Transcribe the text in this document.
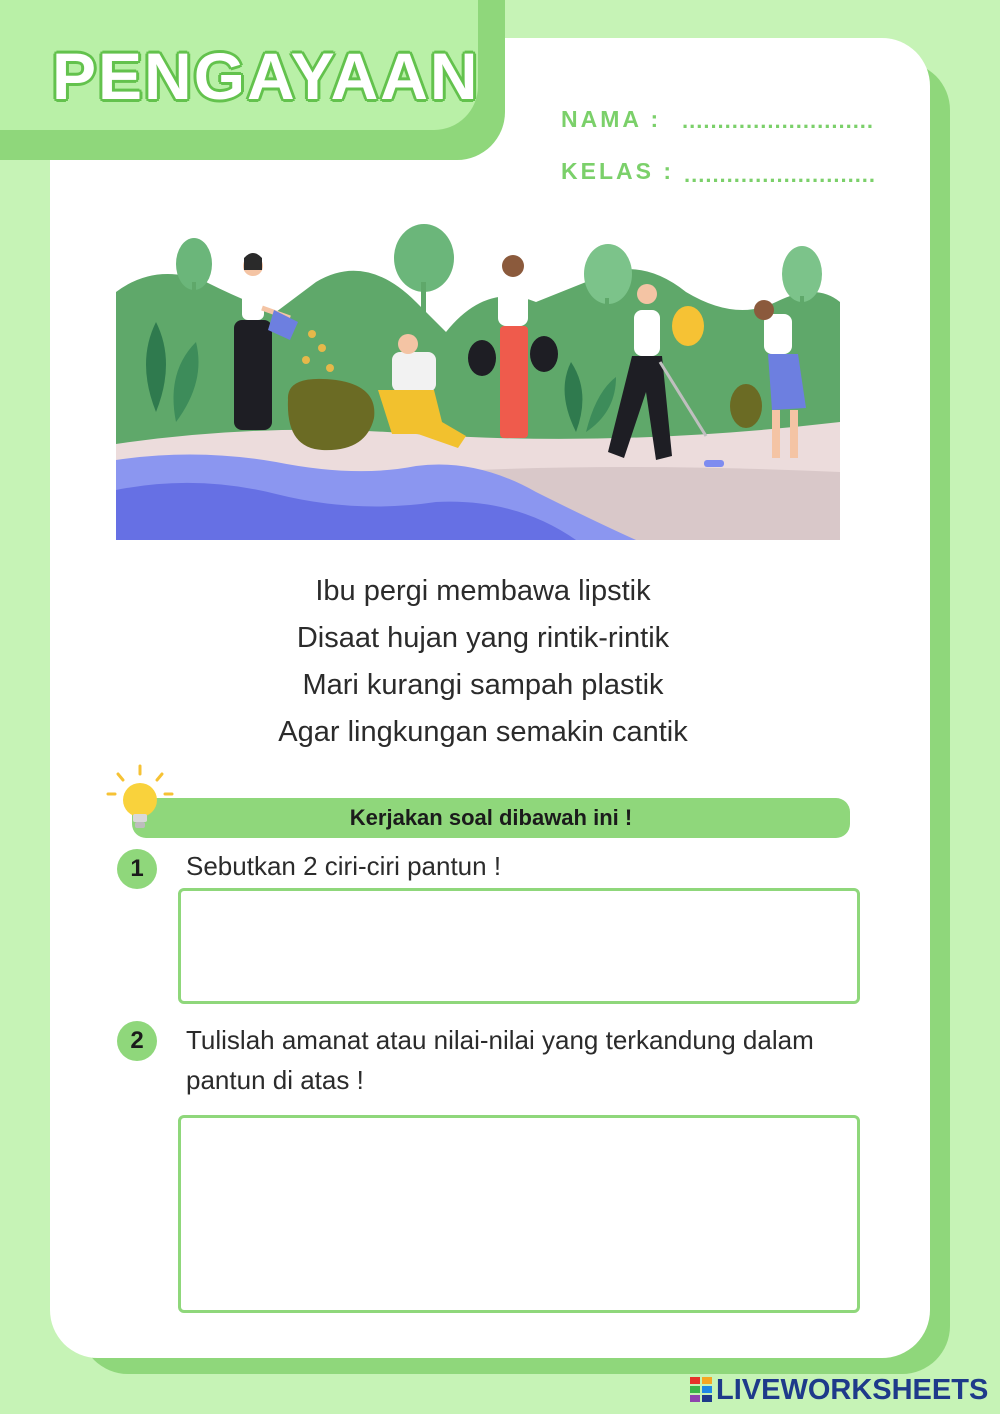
PENGAYAAN
NAMA : ...........................
KELAS : ...........................
Ibu pergi membawa lipstik
Disaat hujan yang rintik-rintik
Mari kurangi sampah plastik
Agar lingkungan semakin cantik
Kerjakan soal dibawah ini !
1	Sebutkan 2 ciri-ciri pantun !
2	Tulislah amanat atau nilai-nilai yang terkandung dalam pantun di atas !
LIVEWORKSHEETS
